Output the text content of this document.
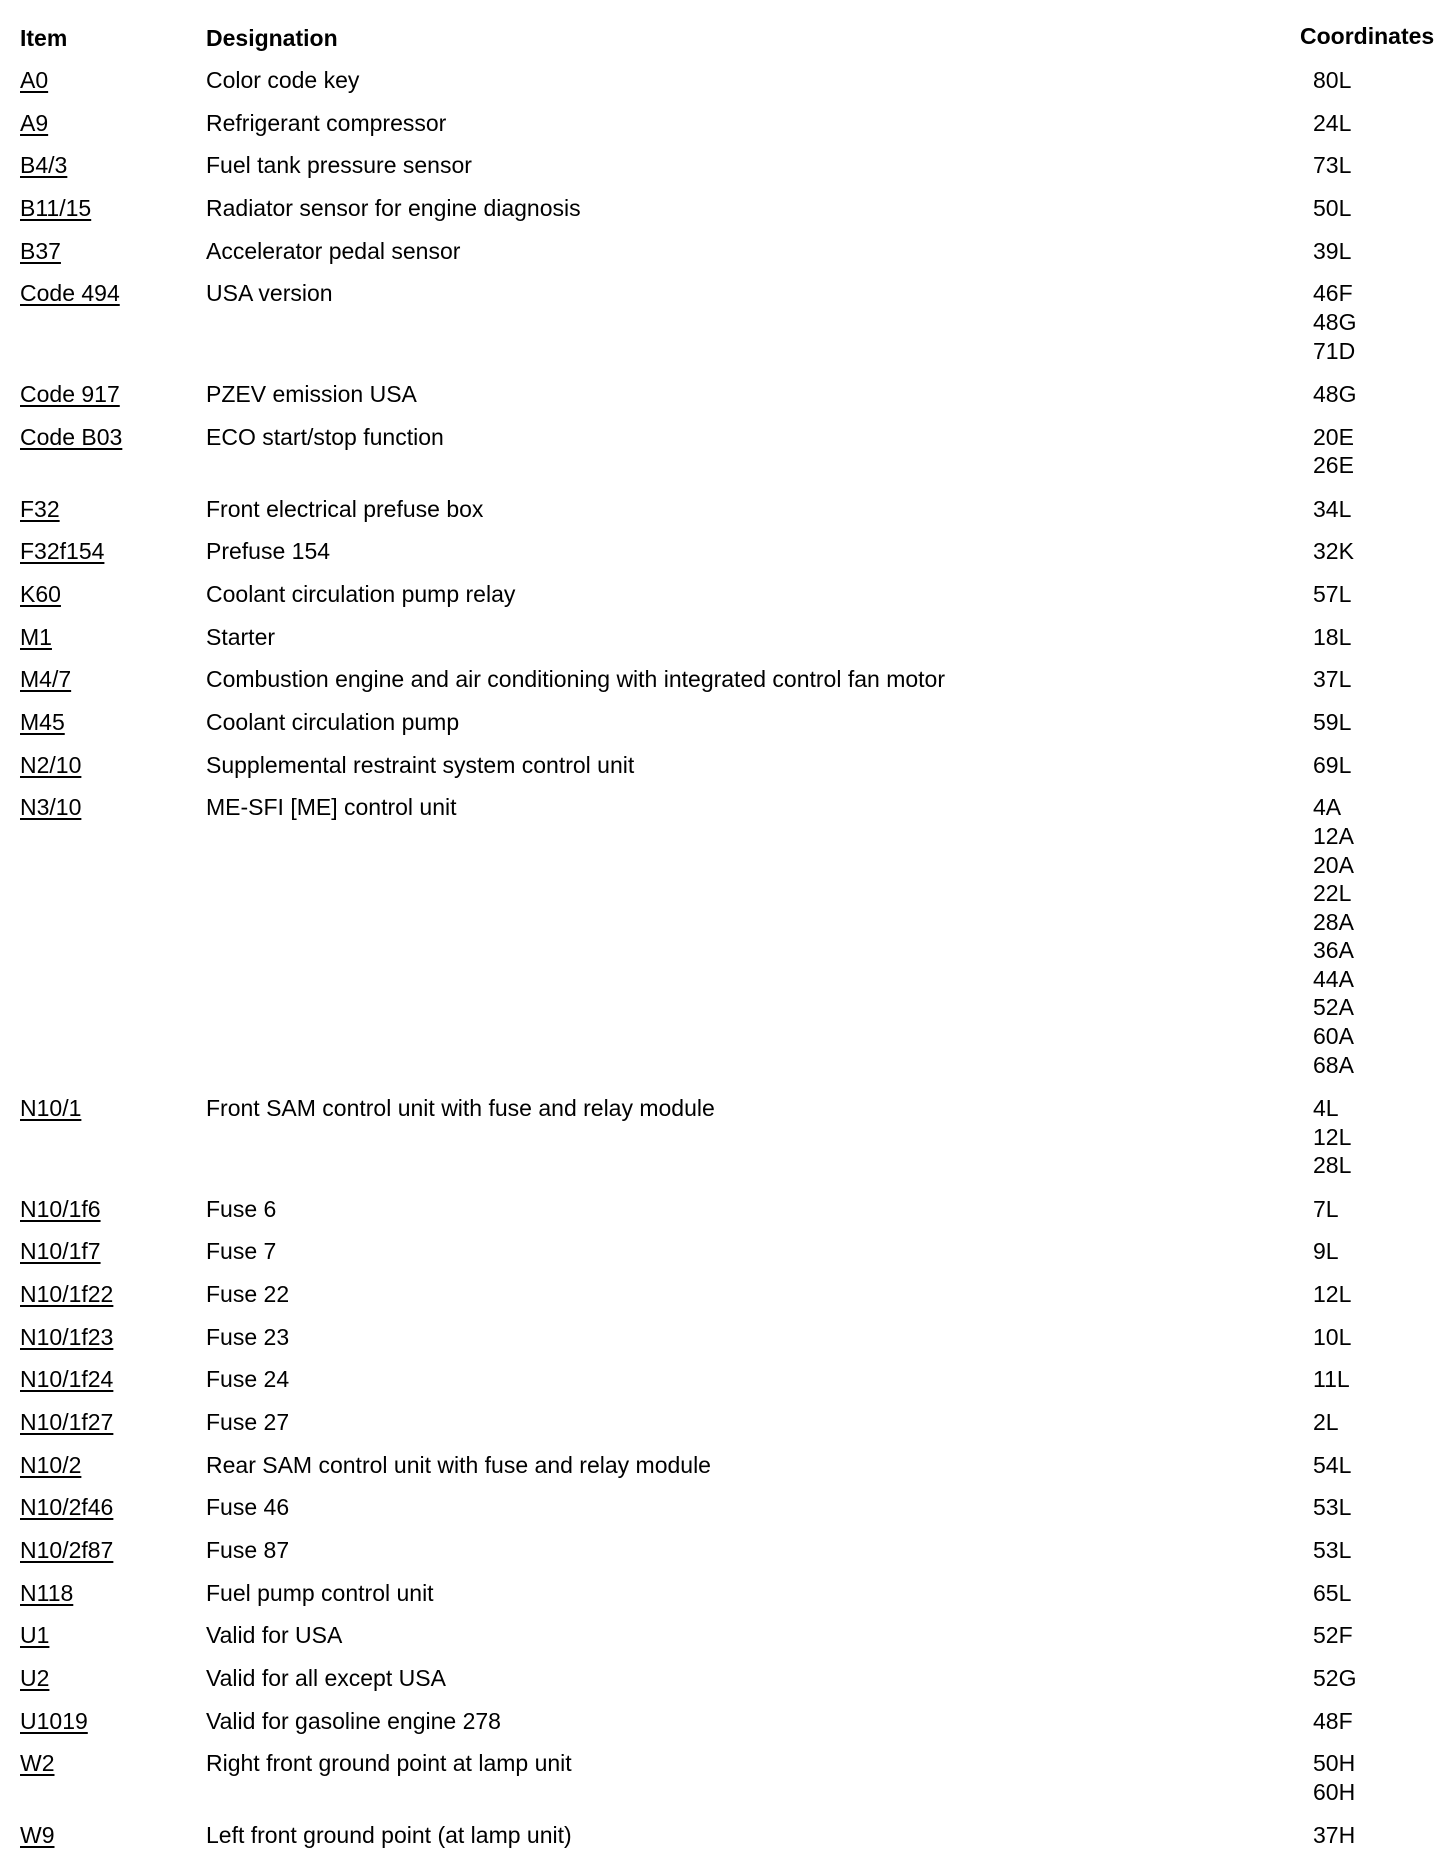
Item	Designation	Coordinates
A0	Color code key	80L
A9	Refrigerant compressor	24L
B4/3	Fuel tank pressure sensor	73L
B11/15	Radiator sensor for engine diagnosis	50L
B37	Accelerator pedal sensor	39L
Code 494	USA version	46F
48G
71D
Code 917	PZEV emission USA	48G
Code B03	ECO start/stop function	20E
26E
F32	Front electrical prefuse box	34L
F32f154	Prefuse 154	32K
K60	Coolant circulation pump relay	57L
M1	Starter	18L
M4/7	Combustion engine and air conditioning with integrated control fan motor	37L
M45	Coolant circulation pump	59L
N2/10	Supplemental restraint system control unit	69L
N3/10	ME-SFI [ME] control unit	4A
12A
20A
22L
28A
36A
44A
52A
60A
68A
N10/1	Front SAM control unit with fuse and relay module	4L
12L
28L
N10/1f6	Fuse 6	7L
N10/1f7	Fuse 7	9L
N10/1f22	Fuse 22	12L
N10/1f23	Fuse 23	10L
N10/1f24	Fuse 24	11L
N10/1f27	Fuse 27	2L
N10/2	Rear SAM control unit with fuse and relay module	54L
N10/2f46	Fuse 46	53L
N10/2f87	Fuse 87	53L
N118	Fuel pump control unit	65L
U1	Valid for USA	52F
U2	Valid for all except USA	52G
U1019	Valid for gasoline engine 278	48F
W2	Right front ground point at lamp unit	50H
60H
W9	Left front ground point (at lamp unit)	37H
